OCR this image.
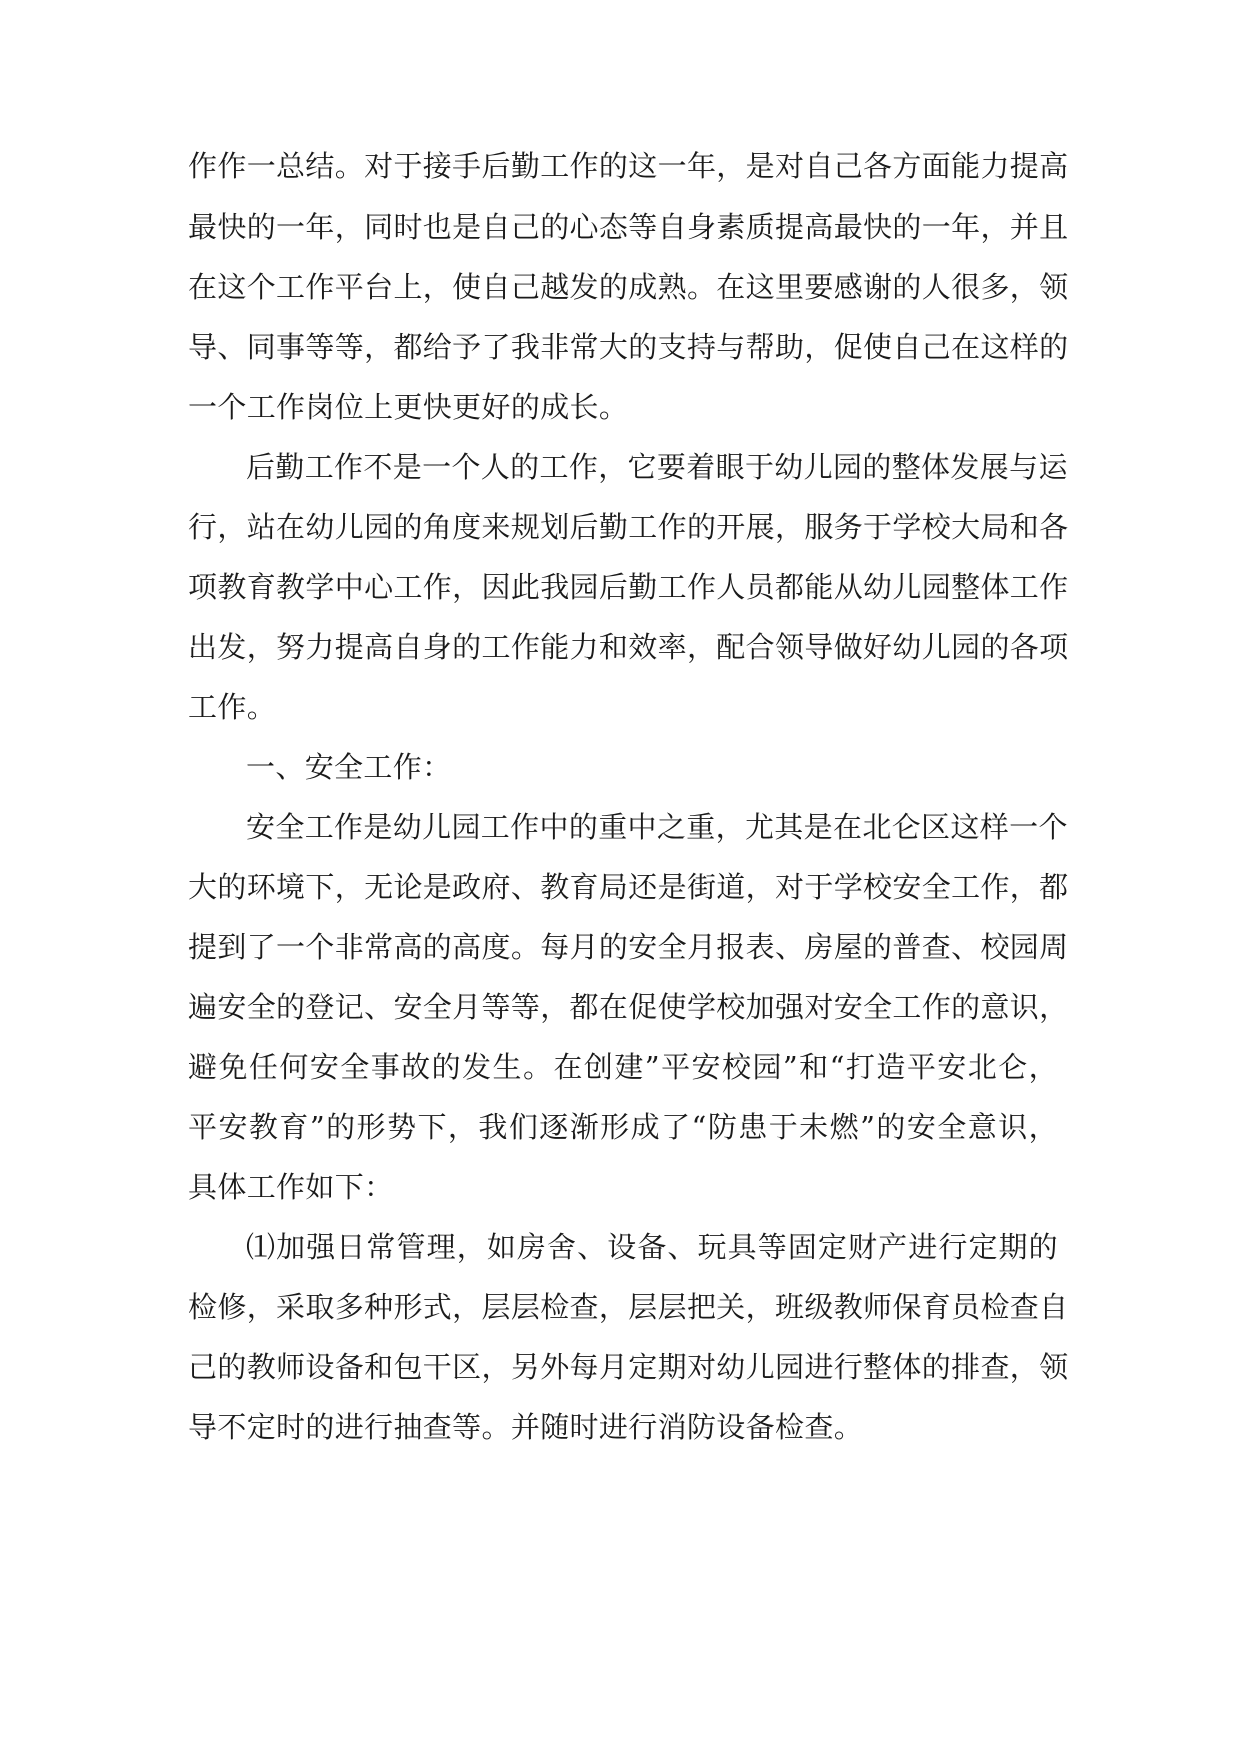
作作一总结。对于接手后勤工作的这一年，是对自己各方面能力提高
最快的一年，同时也是自己的心态等自身素质提高最快的一年，并且
在这个工作平台上，使自己越发的成熟。在这里要感谢的人很多，领
导、同事等等，都给予了我非常大的支持与帮助，促使自己在这样的
一个工作岗位上更快更好的成长。
后勤工作不是一个人的工作，它要着眼于幼儿园的整体发展与运
行，站在幼儿园的角度来规划后勤工作的开展，服务于学校大局和各
项教育教学中心工作，因此我园后勤工作人员都能从幼儿园整体工作
出发，努力提高自身的工作能力和效率，配合领导做好幼儿园的各项
工作。
一、安全工作：
安全工作是幼儿园工作中的重中之重，尤其是在北仑区这样一个
大的环境下，无论是政府、教育局还是街道，对于学校安全工作，都
提到了一个非常高的高度。每月的安全月报表、房屋的普查、校园周
遍安全的登记、安全月等等，都在促使学校加强对安全工作的意识，
避免任何安全事故的发生。在创建”平安校园”和“打造平安北仑，
平安教育”的形势下，我们逐渐形成了“防患于未燃”的安全意识，
具体工作如下：
⑴加强日常管理，如房舍、设备、玩具等固定财产进行定期的
检修，采取多种形式，层层检查，层层把关，班级教师保育员检查自
己的教师设备和包干区，另外每月定期对幼儿园进行整体的排查，领
导不定时的进行抽查等。并随时进行消防设备检查。
